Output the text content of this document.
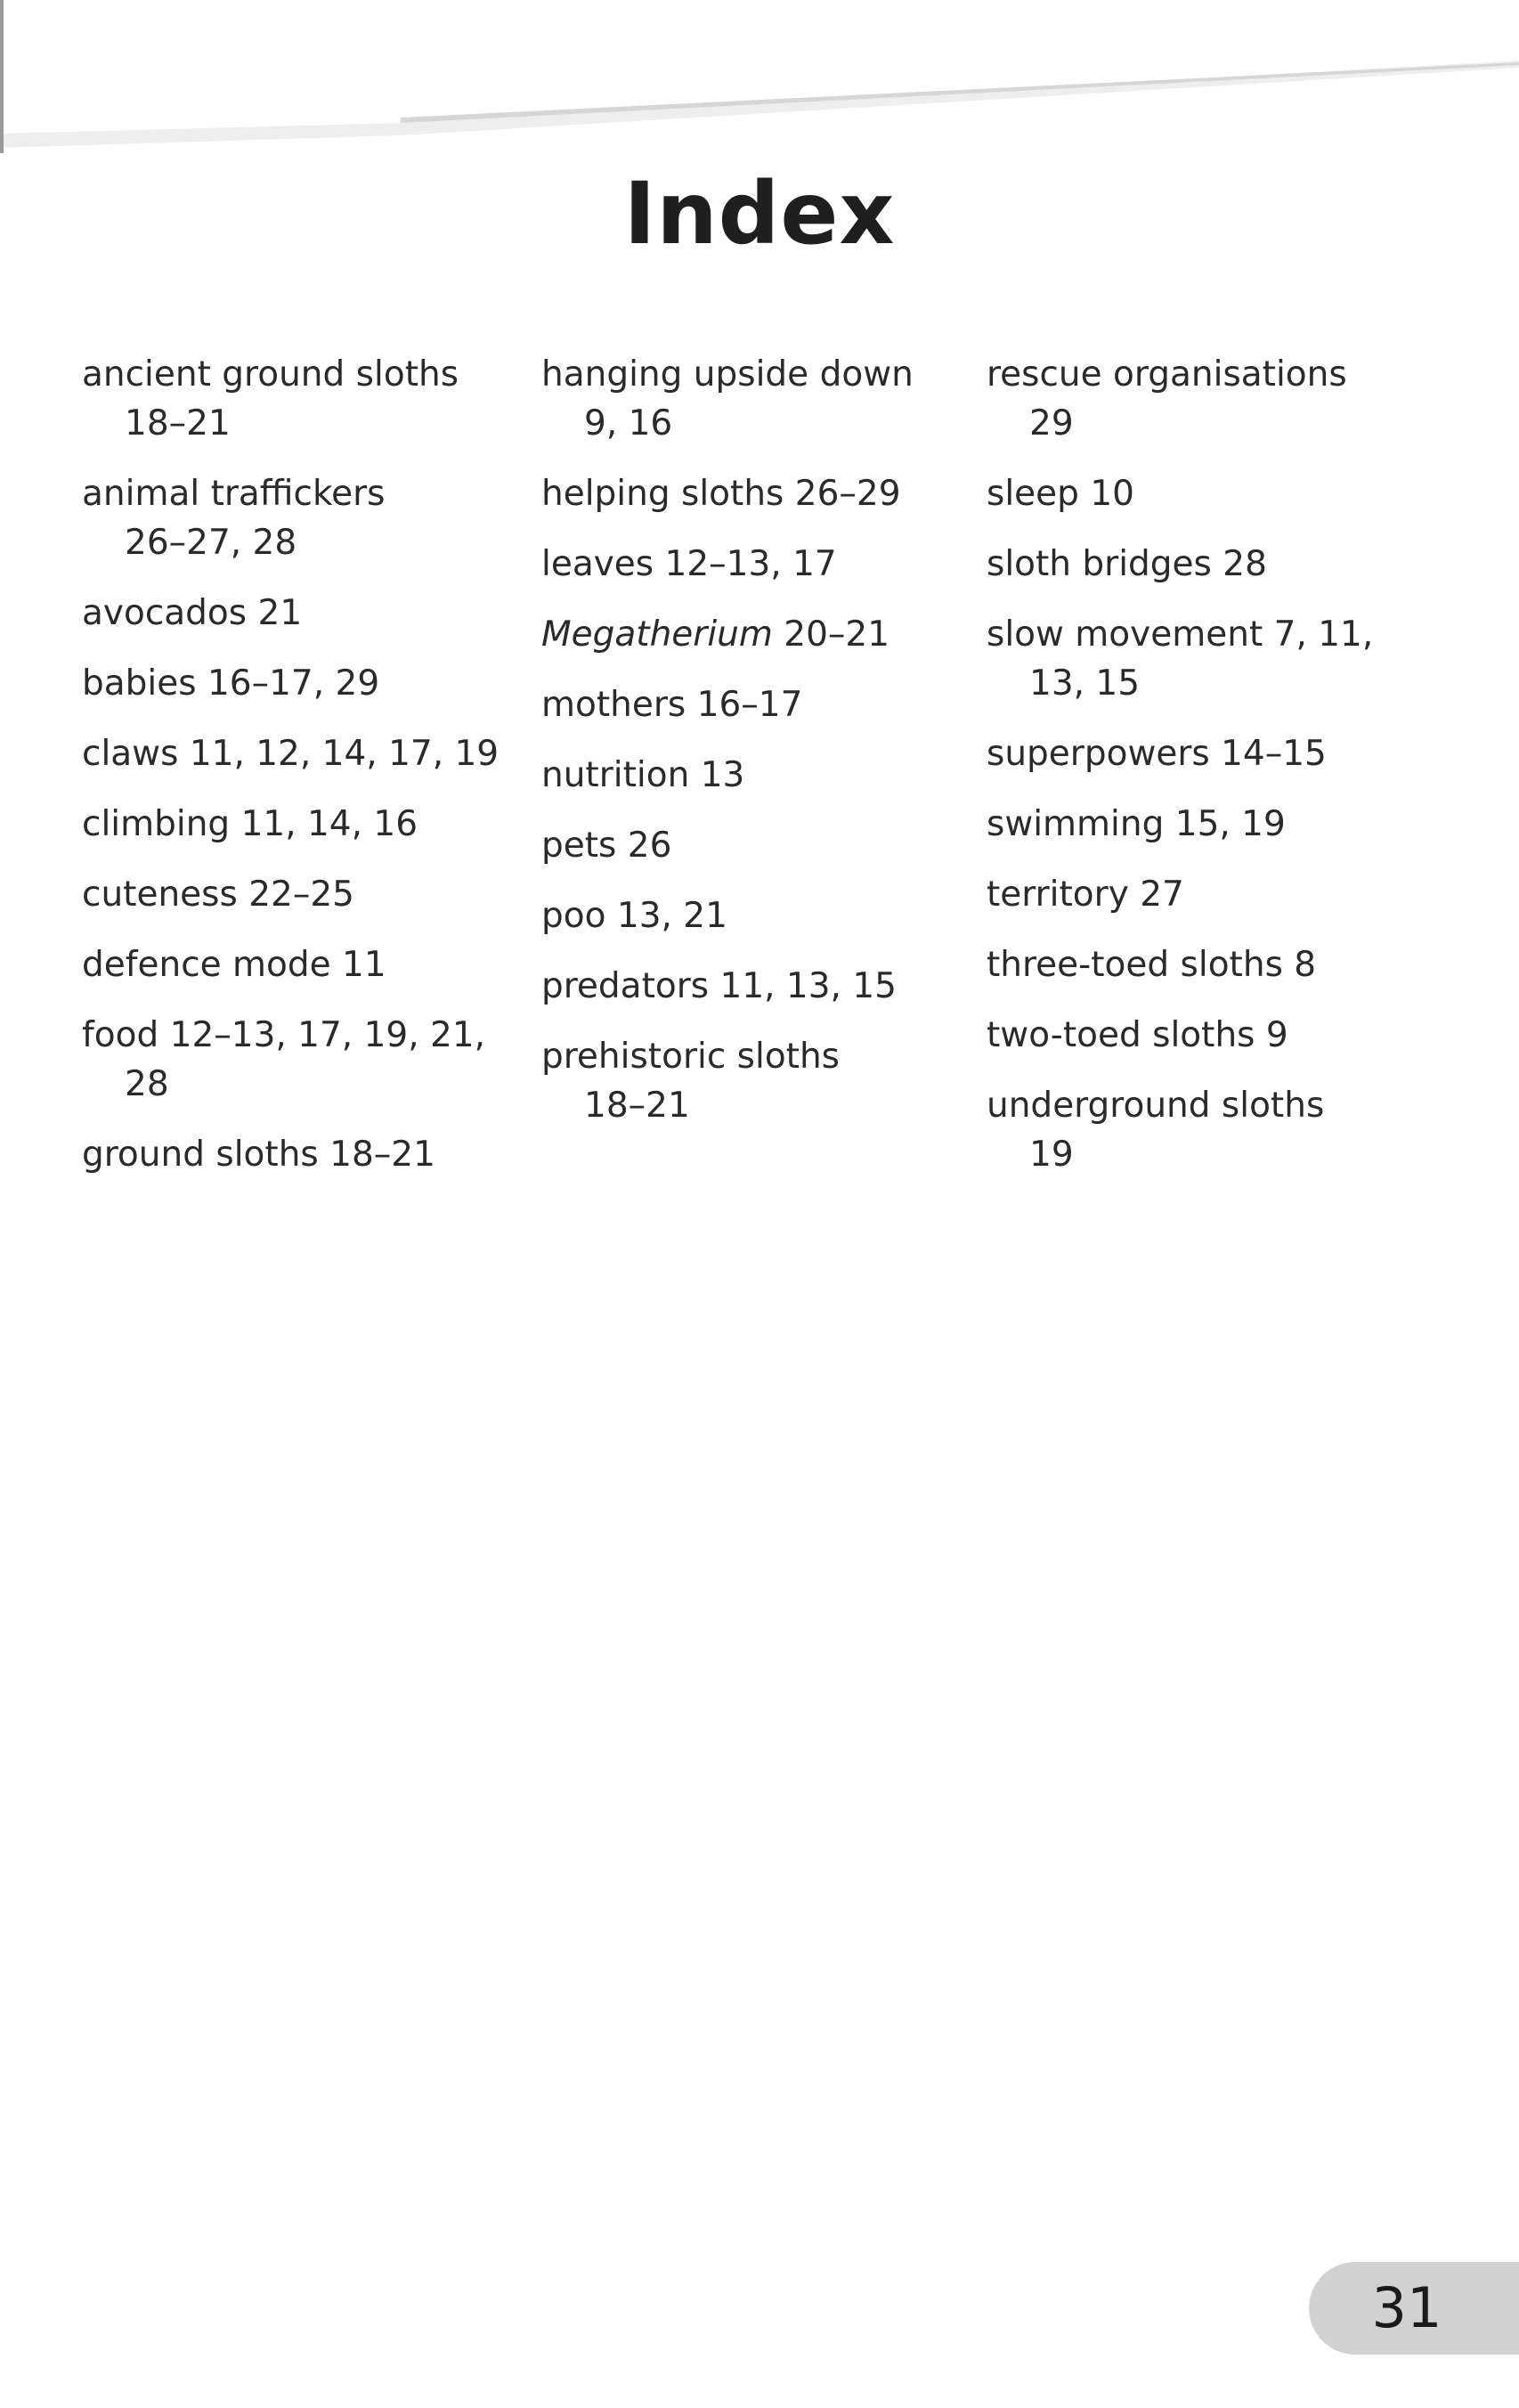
Index

ancient ground sloths
18–21

animal traffickers
26–27, 28

avocados 21

babies 16–17, 29

claws 11, 12, 14, 17, 19

climbing 11, 14, 16

cuteness 22–25

defence mode 11

food 12–13, 17, 19, 21, 28

ground sloths 18–21

hanging upside down
9, 16

helping sloths 26–29

leaves 12–13, 17

Megatherium 20–21

mothers 16–17

nutrition 13

pets 26

poo 13, 21

predators 11, 13, 15

prehistoric sloths
18–21

rescue organisations
29

sleep 10

sloth bridges 28

slow movement 7, 11, 13, 15

superpowers 14–15

swimming 15, 19

territory 27

three-toed sloths 8

two-toed sloths 9

underground sloths
19

31
